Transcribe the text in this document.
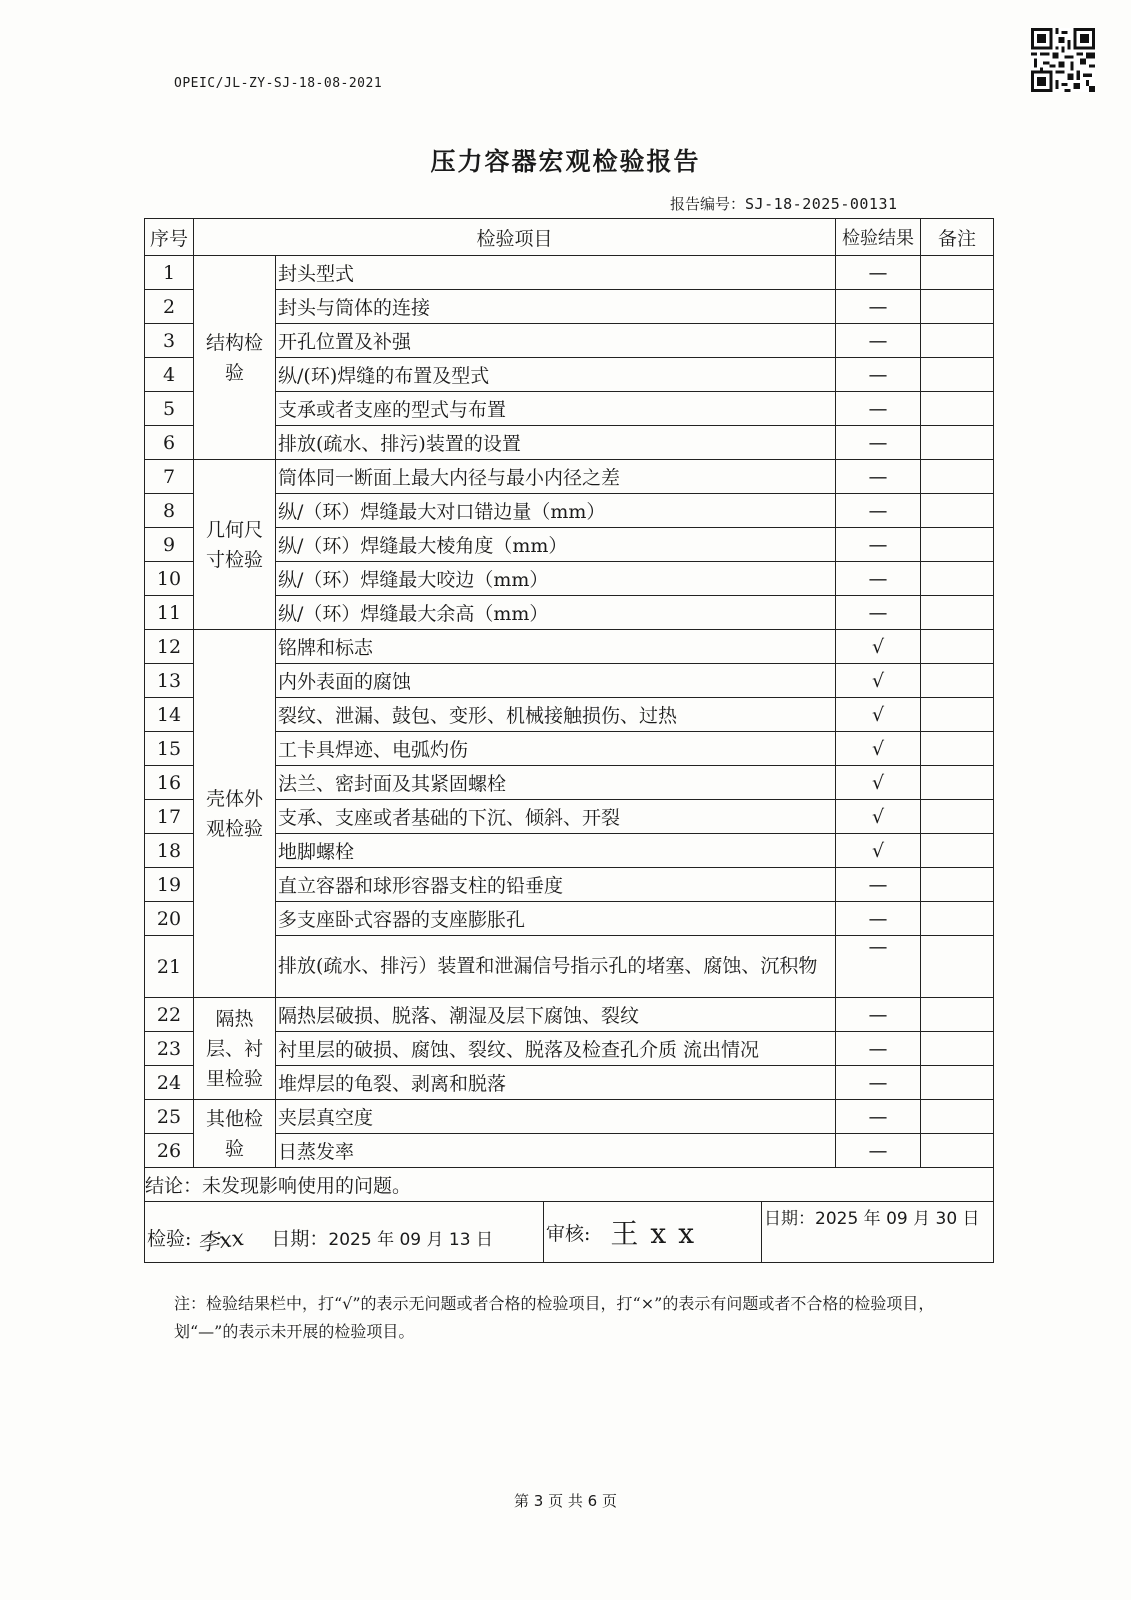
OPEIC/JL-ZY-SJ-18-08-2021
压力容器宏观检验报告
报告编号：SJ-18-2025-00131
序号	检验项目	检验结果	备注
1	结构检验	封头型式	—	
2	封头与筒体的连接	—	
3	开孔位置及补强	—	
4	纵/(环)焊缝的布置及型式	—	
5	支承或者支座的型式与布置	—	
6	排放(疏水、排污)装置的设置	—	
7	几何尺寸检验	筒体同一断面上最大内径与最小内径之差	—	
8	纵/（环）焊缝最大对口错边量（mm）	—	
9	纵/（环）焊缝最大棱角度（mm）	—	
10	纵/（环）焊缝最大咬边（mm）	—	
11	纵/（环）焊缝最大余高（mm）	—	
12	壳体外观检验	铭牌和标志	√	
13	内外表面的腐蚀	√	
14	裂纹、泄漏、鼓包、变形、机械接触损伤、过热	√	
15	工卡具焊迹、电弧灼伤	√	
16	法兰、密封面及其紧固螺栓	√	
17	支承、支座或者基础的下沉、倾斜、开裂	√	
18	地脚螺栓	√	
19	直立容器和球形容器支柱的铅垂度	—	
20	多支座卧式容器的支座膨胀孔	—	
21	排放(疏水、排污）装置和泄漏信号指示孔的堵塞、腐蚀、沉积物	—	
22	隔热层、衬里检验	隔热层破损、脱落、潮湿及层下腐蚀、裂纹	—	
23	衬里层的破损、腐蚀、裂纹、脱落及检查孔介质 流出情况	—	
24	堆焊层的龟裂、剥离和脱落	—	
25	其他检验	夹层真空度	—	
26	日蒸发率	—	
结论：未发现影响使用的问题。

检验: 李xx 日期：2025 年 09 月 13 日	审核: 王xx	日期：2025 年 09 月 30 日
注：检验结果栏中，打“√”的表示无问题或者合格的检验项目，打“×”的表示有问题或者不合格的检验项目，划“—”的表示未开展的检验项目。
第 3 页 共 6 页
